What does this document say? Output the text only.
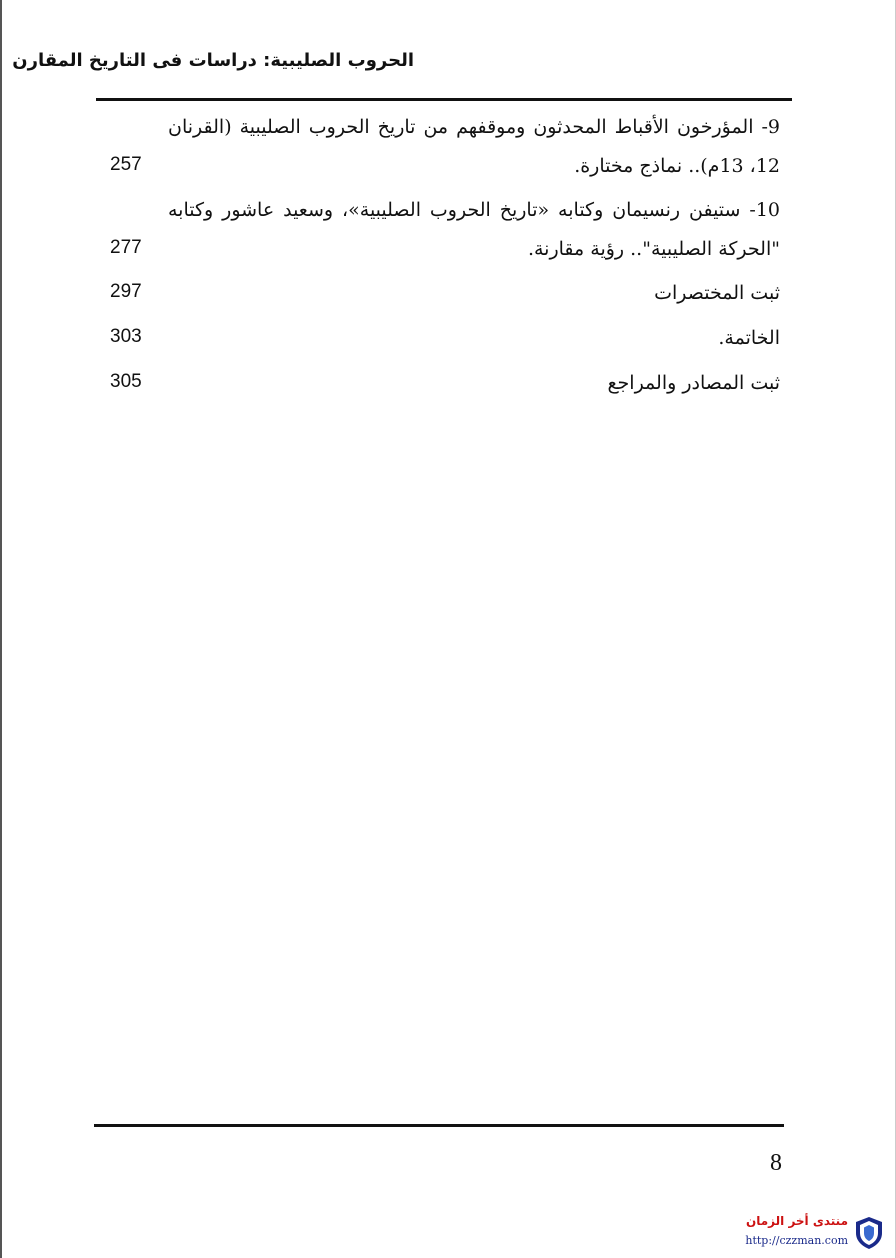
الحروب الصليبية: دراسات فى التاريخ المقارن
9- المؤرخون الأقباط المحدثون وموقفهم من تاريخ الحروب الصليبية (القرنان 12، 13م).. نماذج مختارة.
257
10- ستيفن رنسيمان وكتابه «تاريخ الحروب الصليبية»، وسعيد عاشور وكتابه "الحركة الصليبية".. رؤية مقارنة.
277
ثبت المختصرات
297
الخاتمة.
303
ثبت المصادر والمراجع
305
8
منتدى أخر الزمان
http://czzman.com
